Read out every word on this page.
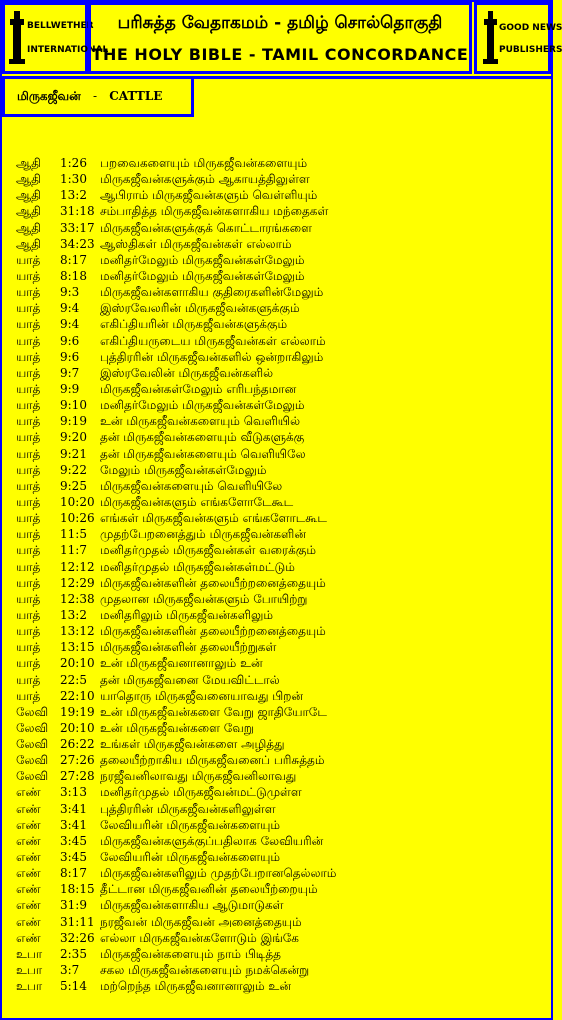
BELLWETHER
INTERNATIONAL
பரிசுத்த வேதாகமம் - தமிழ் சொல்தொகுதி
THE HOLY BIBLE - TAMIL CONCORDANCE
GOOD NEWS
PUBLISHERS
மிருகஜீவன் - CATTLE
ஆதி 1:26 பறவைகளையும் மிருகஜீவன்களையும்
ஆதி 1:30 மிருகஜீவன்களுக்கும் ஆகாயத்திலுள்ள
ஆதி 13:2 ஆபிராம் மிருகஜீவன்களும் வெள்ளியும்
ஆதி 31:18 சம்பாதித்த மிருகஜீவன்களாகிய மந்தைகள்
ஆதி 33:17 மிருகஜீவன்களுக்குக் கொட்டாரங்களை
ஆதி 34:23 ஆஸ்திகள் மிருகஜீவன்கள் எல்லாம்
யாத் 8:17 மனிதர்மேலும் மிருகஜீவன்கள்மேலும்
யாத் 8:18 மனிதர்மேலும் மிருகஜீவன்கள்மேலும்
யாத் 9:3 மிருகஜீவன்களாகிய குதிரைகளின்மேலும்
யாத் 9:4 இஸ்ரவேலரின் மிருகஜீவன்களுக்கும்
யாத் 9:4 எகிப்தியரின் மிருகஜீவன்களுக்கும்
யாத் 9:6 எகிப்தியருடைய மிருகஜீவன்கள் எல்லாம்
யாத் 9:6 புத்திரரின் மிருகஜீவன்களில் ஒன்றாகிலும்
யாத் 9:7 இஸ்ரவேலின் மிருகஜீவன்களில்
யாத் 9:9 மிருகஜீவன்கள்மேலும் எரிபந்தமான
யாத் 9:10 மனிதர்மேலும் மிருகஜீவன்கள்மேலும்
யாத் 9:19 உன் மிருகஜீவன்களையும் வெளியில்
யாத் 9:20 தன் மிருகஜீவன்களையும் வீடுகளுக்கு
யாத் 9:21 தன் மிருகஜீவன்களையும் வெளியிலே
யாத் 9:22 மேலும் மிருகஜீவன்கள்மேலும்
யாத் 9:25 மிருகஜீவன்களையும் வெளியிலே
யாத் 10:20 மிருகஜீவன்களும் எங்களோடேகூட
யாத் 10:26 எங்கள் மிருகஜீவன்களும் எங்களோடகூட
யாத் 11:5 முதற்பேறனைத்தும் மிருகஜீவன்களின்
யாத் 11:7 மனிதர்முதல் மிருகஜீவன்கள் வரைக்கும்
யாத் 12:12 மனிதர்முதல் மிருகஜீவன்கள்மட்டும்
யாத் 12:29 மிருகஜீவன்களின் தலையீற்றனைத்தையும்
யாத் 12:38 முதலான மிருகஜீவன்களும் போயிற்று
யாத் 13:2 மனிதரிலும் மிருகஜீவன்களிலும்
யாத் 13:12 மிருகஜீவன்களின் தலையீற்றனைத்தையும்
யாத் 13:15 மிருகஜீவன்களின் தலையீற்றுகள்
யாத் 20:10 உன் மிருகஜீவனானாலும் உன்
யாத் 22:5 தன் மிருகஜீவனை மேயவிட்டால்
யாத் 22:10 யாதொரு மிருகஜீவனையாவது பிறன்
லேவி 19:19 உன் மிருகஜீவன்களை வேறு ஜாதியோடே
லேவி 20:10 உன் மிருகஜீவன்களை வேறு
லேவி 26:22 உங்கள் மிருகஜீவன்களை அழித்து
லேவி 27:26 தலையீற்றாகிய மிருகஜீவனைப் பரிசுத்தம்
லேவி 27:28 நரஜீவனிலாவது மிருகஜீவனிலாவது
எண் 3:13 மனிதர்முதல் மிருகஜீவன்மட்டுமுள்ள
எண் 3:41 புத்திரரின் மிருகஜீவன்களிலுள்ள
எண் 3:41 லேவியரின் மிருகஜீவன்களையும்
எண் 3:45 மிருகஜீவன்களுக்குப்பதிலாக லேவியரின்
எண் 3:45 லேவியரின் மிருகஜீவன்களையும்
எண் 8:17 மிருகஜீவன்களிலும் முதற்பேறானதெல்லாம்
எண் 18:15 தீட்டான மிருகஜீவனின் தலையீற்றையும்
எண் 31:9 மிருகஜீவன்களாகிய ஆடுமாடுகள்
எண் 31:11 நரஜீவன் மிருகஜீவன் அனைத்தையும்
எண் 32:26 எல்லா மிருகஜீவன்களோடும் இங்கே
உபா 2:35 மிருகஜீவன்களையும் நாம் பிடித்த
உபா 3:7 சகல மிருகஜீவன்களையும் நமக்கென்று
உபா 5:14 மற்றெந்த மிருகஜீவனானாலும் உன்
